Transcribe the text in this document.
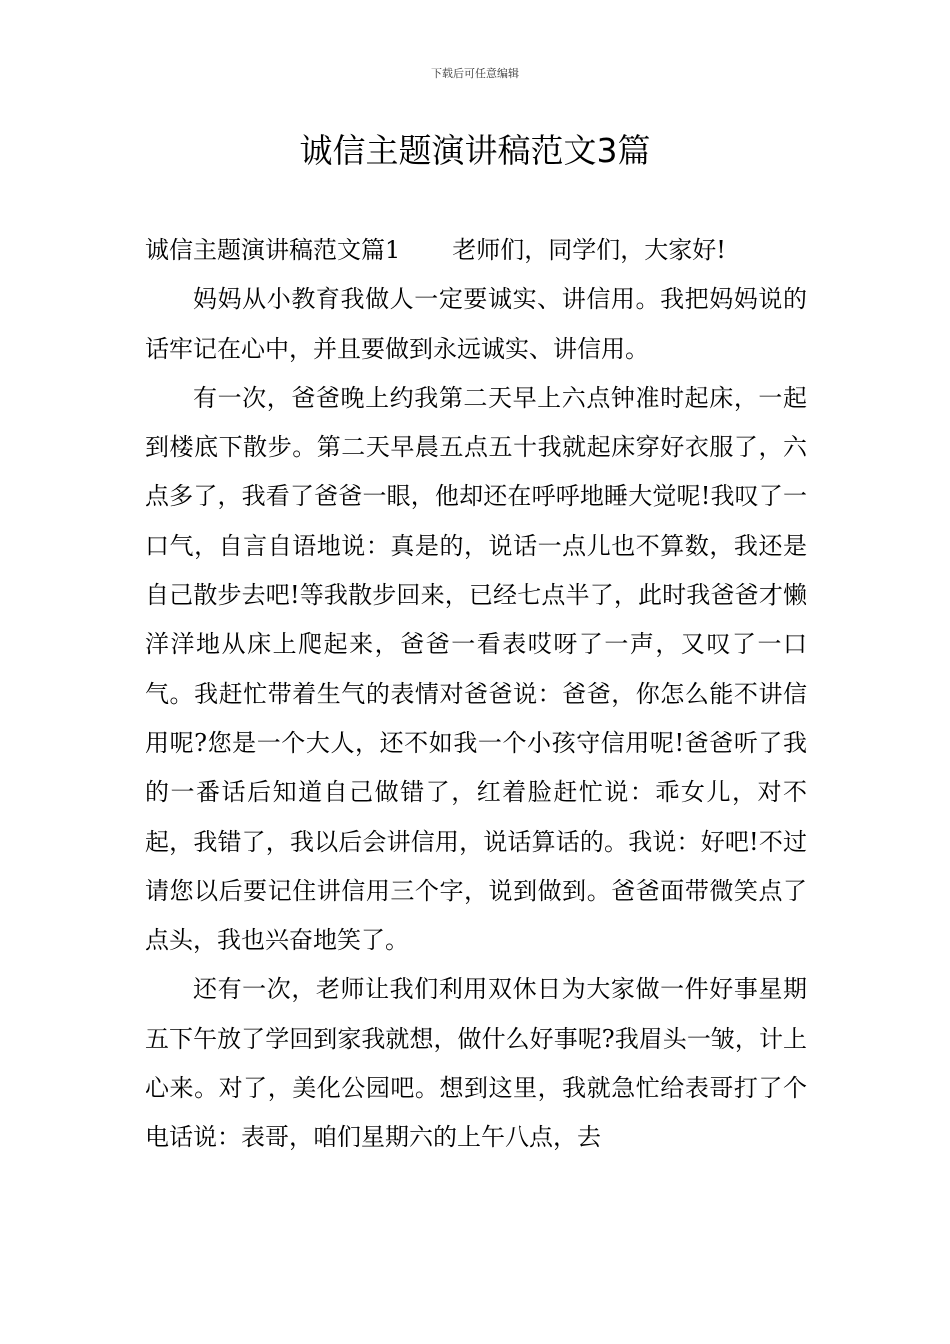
下载后可任意编辑
诚信主题演讲稿范文3篇

诚信主题演讲稿范文篇1 老师们，同学们，大家好!

妈妈从小教育我做人一定要诚实、讲信用。我把妈妈说的话牢记在心中，并且要做到永远诚实、讲信用。

有一次，爸爸晚上约我第二天早上六点钟准时起床，一起到楼底下散步。第二天早晨五点五十我就起床穿好衣服了，六点多了，我看了爸爸一眼，他却还在呼呼地睡大觉呢!我叹了一口气，自言自语地说：真是的，说话一点儿也不算数，我还是自己散步去吧!等我散步回来，已经七点半了，此时我爸爸才懒洋洋地从床上爬起来，爸爸一看表哎呀了一声，又叹了一口气。我赶忙带着生气的表情对爸爸说：爸爸，你怎么能不讲信用呢?您是一个大人，还不如我一个小孩守信用呢!爸爸听了我的一番话后知道自己做错了，红着脸赶忙说：乖女儿，对不起，我错了，我以后会讲信用，说话算话的。我说：好吧!不过请您以后要记住讲信用三个字，说到做到。爸爸面带微笑点了点头，我也兴奋地笑了。

还有一次，老师让我们利用双休日为大家做一件好事星期五下午放了学回到家我就想，做什么好事呢?我眉头一皱，计上心来。对了，美化公园吧。想到这里，我就急忙给表哥打了个电话说：表哥，咱们星期六的上午八点，去
